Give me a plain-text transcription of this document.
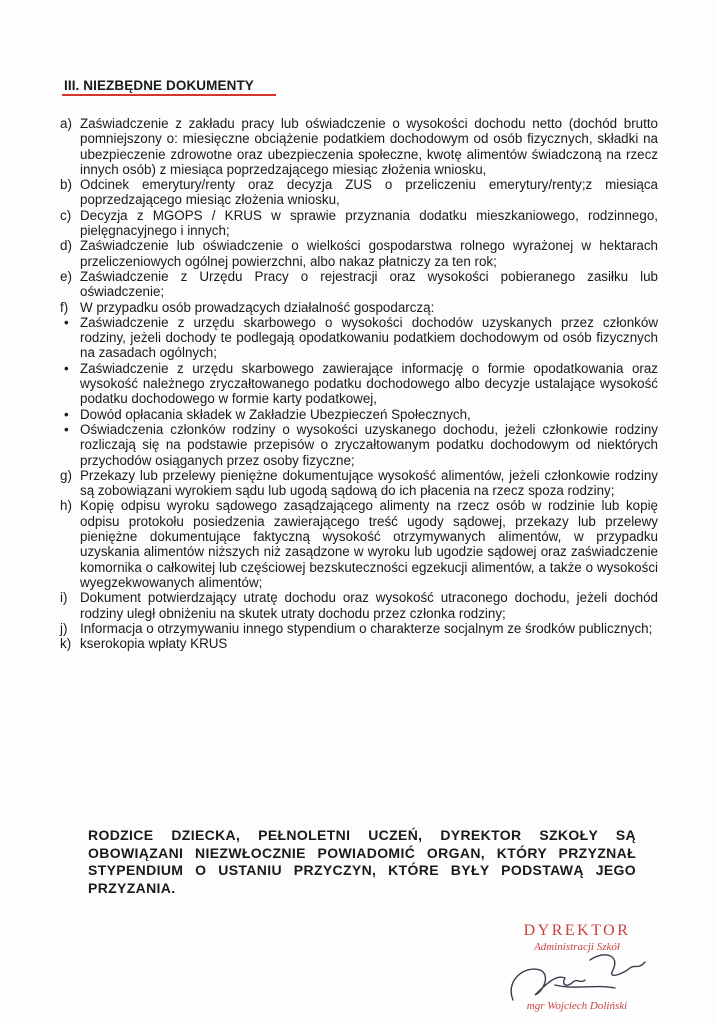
III. NIEZBĘDNE DOKUMENTY
a) Zaświadczenie z zakładu pracy lub oświadczenie o wysokości dochodu netto (dochód brutto pomniejszony o: miesięczne obciążenie podatkiem dochodowym od osób fizycznych, składki na ubezpieczenie zdrowotne oraz ubezpieczenia społeczne, kwotę alimentów świadczoną na rzecz innych osób) z miesiąca poprzedzającego miesiąc złożenia wniosku,
b) Odcinek emerytury/renty oraz decyzja ZUS o przeliczeniu emerytury/renty;z miesiąca poprzedzającego miesiąc złożenia wniosku,
c) Decyzja z MGOPS / KRUS w sprawie przyznania dodatku mieszkaniowego, rodzinnego, pielęgnacyjnego i innych;
d) Zaświadczenie lub oświadczenie o wielkości gospodarstwa rolnego wyrażonej w hektarach przeliczeniowych ogólnej powierzchni, albo nakaz płatniczy za ten rok;
e) Zaświadczenie z Urzędu Pracy o rejestracji oraz wysokości pobieranego zasiłku lub oświadczenie;
f) W przypadku osób prowadzących działalność gospodarczą:
• Zaświadczenie z urzędu skarbowego o wysokości dochodów uzyskanych przez członków rodziny, jeżeli dochody te podlegają opodatkowaniu podatkiem dochodowym od osób fizycznych na zasadach ogólnych;
• Zaświadczenie z urzędu skarbowego zawierające informację o formie opodatkowania oraz wysokość należnego zryczałtowanego podatku dochodowego albo decyzje ustalające wysokość podatku dochodowego w formie karty podatkowej,
• Dowód opłacania składek w Zakładzie Ubezpieczeń Społecznych,
• Oświadczenia członków rodziny o wysokości uzyskanego dochodu, jeżeli członkowie rodziny rozliczają się na podstawie przepisów o zryczałtowanym podatku dochodowym od niektórych przychodów osiąganych przez osoby fizyczne;
g) Przekazy lub przelewy pieniężne dokumentujące wysokość alimentów, jeżeli członkowie rodziny są zobowiązani wyrokiem sądu lub ugodą sądową do ich płacenia na rzecz spoza rodziny;
h) Kopię odpisu wyroku sądowego zasądzającego alimenty na rzecz osób w rodzinie lub kopię odpisu protokołu posiedzenia zawierającego treść ugody sądowej, przekazy lub przelewy pieniężne dokumentujące faktyczną wysokość otrzymywanych alimentów, w przypadku uzyskania alimentów niższych niż zasądzone w wyroku lub ugodzie sądowej oraz zaświadczenie komornika o całkowitej lub częściowej bezskuteczności egzekucji alimentów, a także o wysokości wyegzekwowanych alimentów;
i) Dokument potwierdzający utratę dochodu oraz wysokość utraconego dochodu, jeżeli dochód rodziny uległ obniżeniu na skutek utraty dochodu przez członka rodziny;
j) Informacja o otrzymywaniu innego stypendium o charakterze socjalnym ze środków publicznych;
k) kserokopia wpłaty KRUS
RODZICE DZIECKA, PEŁNOLETNI UCZEŃ, DYREKTOR SZKOŁY SĄ OBOWIĄZANI NIEZWŁOCZNIE POWIADOMIĆ ORGAN, KTÓRY PRZYZNAŁ STYPENDIUM O USTANIU PRZYCZYN, KTÓRE BYŁY PODSTAWĄ JEGO PRZYZANIA.
DYREKTOR
Administracji Szkół
mgr Wojciech Doliński
